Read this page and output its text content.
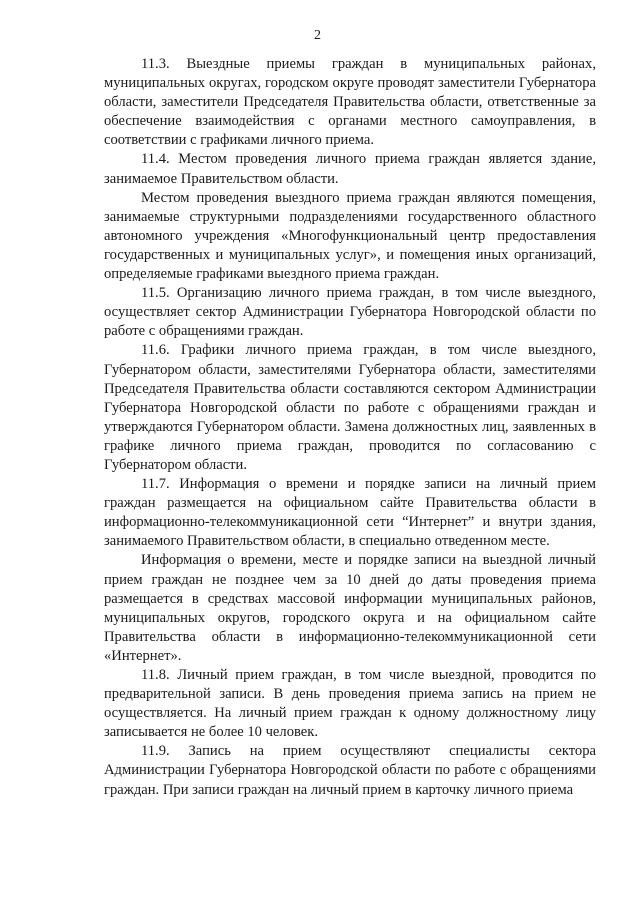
2

11.3. Выездные приемы граждан в муниципальных районах, муниципальных округах, городском округе проводят заместители Губернатора области, заместители Председателя Правительства области, ответственные за обеспечение взаимодействия с органами местного самоуправления, в соответствии с графиками личного приема.

11.4. Местом проведения личного приема граждан является здание, занимаемое Правительством области.

Местом проведения выездного приема граждан являются помещения, занимаемые структурными подразделениями государственного областного автономного учреждения «Многофункциональный центр предоставления государственных и муниципальных услуг», и помещения иных организаций, определяемые графиками выездного приема граждан.

11.5. Организацию личного приема граждан, в том числе выездного, осуществляет сектор Администрации Губернатора Новгородской области по работе с обращениями граждан.

11.6. Графики личного приема граждан, в том числе выездного, Губернатором области, заместителями Губернатора области, заместителями Председателя Правительства области составляются сектором Администрации Губернатора Новгородской области по работе с обращениями граждан и утверждаются Губернатором области. Замена должностных лиц, заявленных в графике личного приема граждан, проводится по согласованию с Губернатором области.

11.7. Информация о времени и порядке записи на личный прием граждан размещается на официальном сайте Правительства области в информационно-телекоммуникационной сети “Интернет” и внутри здания, занимаемого Правительством области, в специально отведенном месте.

Информация о времени, месте и порядке записи на выездной личный прием граждан не позднее чем за 10 дней до даты проведения приема размещается в средствах массовой информации муниципальных районов, муниципальных округов, городского округа и на официальном сайте Правительства области в информационно-телекоммуникационной сети «Интернет».

11.8. Личный прием граждан, в том числе выездной, проводится по предварительной записи. В день проведения приема запись на прием не осуществляется. На личный прием граждан к одному должностному лицу записывается не более 10 человек.

11.9. Запись на прием осуществляют специалисты сектора Администрации Губернатора Новгородской области по работе с обращениями граждан. При записи граждан на личный прием в карточку личного приема
